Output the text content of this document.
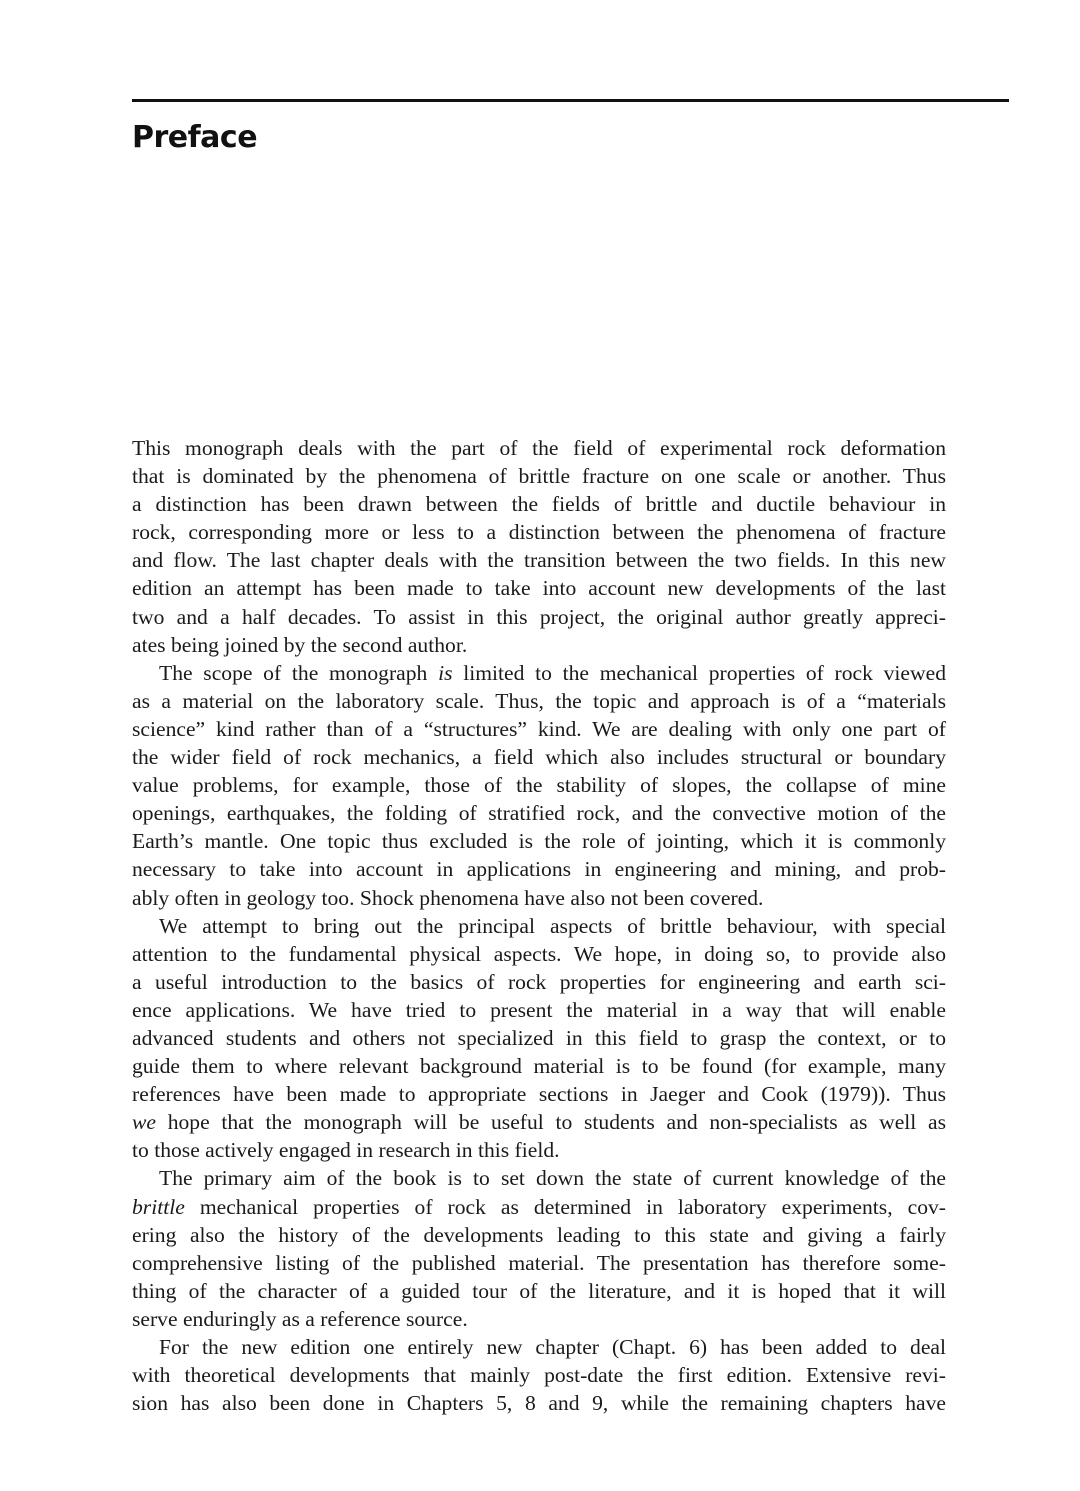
Preface
This monograph deals with the part of the field of experimental rock deformation
that is dominated by the phenomena of brittle fracture on one scale or another. Thus
a distinction has been drawn between the fields of brittle and ductile behaviour in
rock, corresponding more or less to a distinction between the phenomena of fracture
and flow. The last chapter deals with the transition between the two fields. In this new
edition an attempt has been made to take into account new developments of the last
two and a half decades. To assist in this project, the original author greatly appreci-
ates being joined by the second author.
The scope of the monograph is limited to the mechanical properties of rock viewed
as a material on the laboratory scale. Thus, the topic and approach is of a “materials
science” kind rather than of a “structures” kind. We are dealing with only one part of
the wider field of rock mechanics, a field which also includes structural or boundary
value problems, for example, those of the stability of slopes, the collapse of mine
openings, earthquakes, the folding of stratified rock, and the convective motion of the
Earth’s mantle. One topic thus excluded is the role of jointing, which it is commonly
necessary to take into account in applications in engineering and mining, and prob-
ably often in geology too. Shock phenomena have also not been covered.
We attempt to bring out the principal aspects of brittle behaviour, with special
attention to the fundamental physical aspects. We hope, in doing so, to provide also
a useful introduction to the basics of rock properties for engineering and earth sci-
ence applications. We have tried to present the material in a way that will enable
advanced students and others not specialized in this field to grasp the context, or to
guide them to where relevant background material is to be found (for example, many
references have been made to appropriate sections in Jaeger and Cook (1979)). Thus
we hope that the monograph will be useful to students and non-specialists as well as
to those actively engaged in research in this field.
The primary aim of the book is to set down the state of current knowledge of the
brittle mechanical properties of rock as determined in laboratory experiments, cov-
ering also the history of the developments leading to this state and giving a fairly
comprehensive listing of the published material. The presentation has therefore some-
thing of the character of a guided tour of the literature, and it is hoped that it will
serve enduringly as a reference source.
For the new edition one entirely new chapter (Chapt. 6) has been added to deal
with theoretical developments that mainly post-date the first edition. Extensive revi-
sion has also been done in Chapters 5, 8 and 9, while the remaining chapters have
